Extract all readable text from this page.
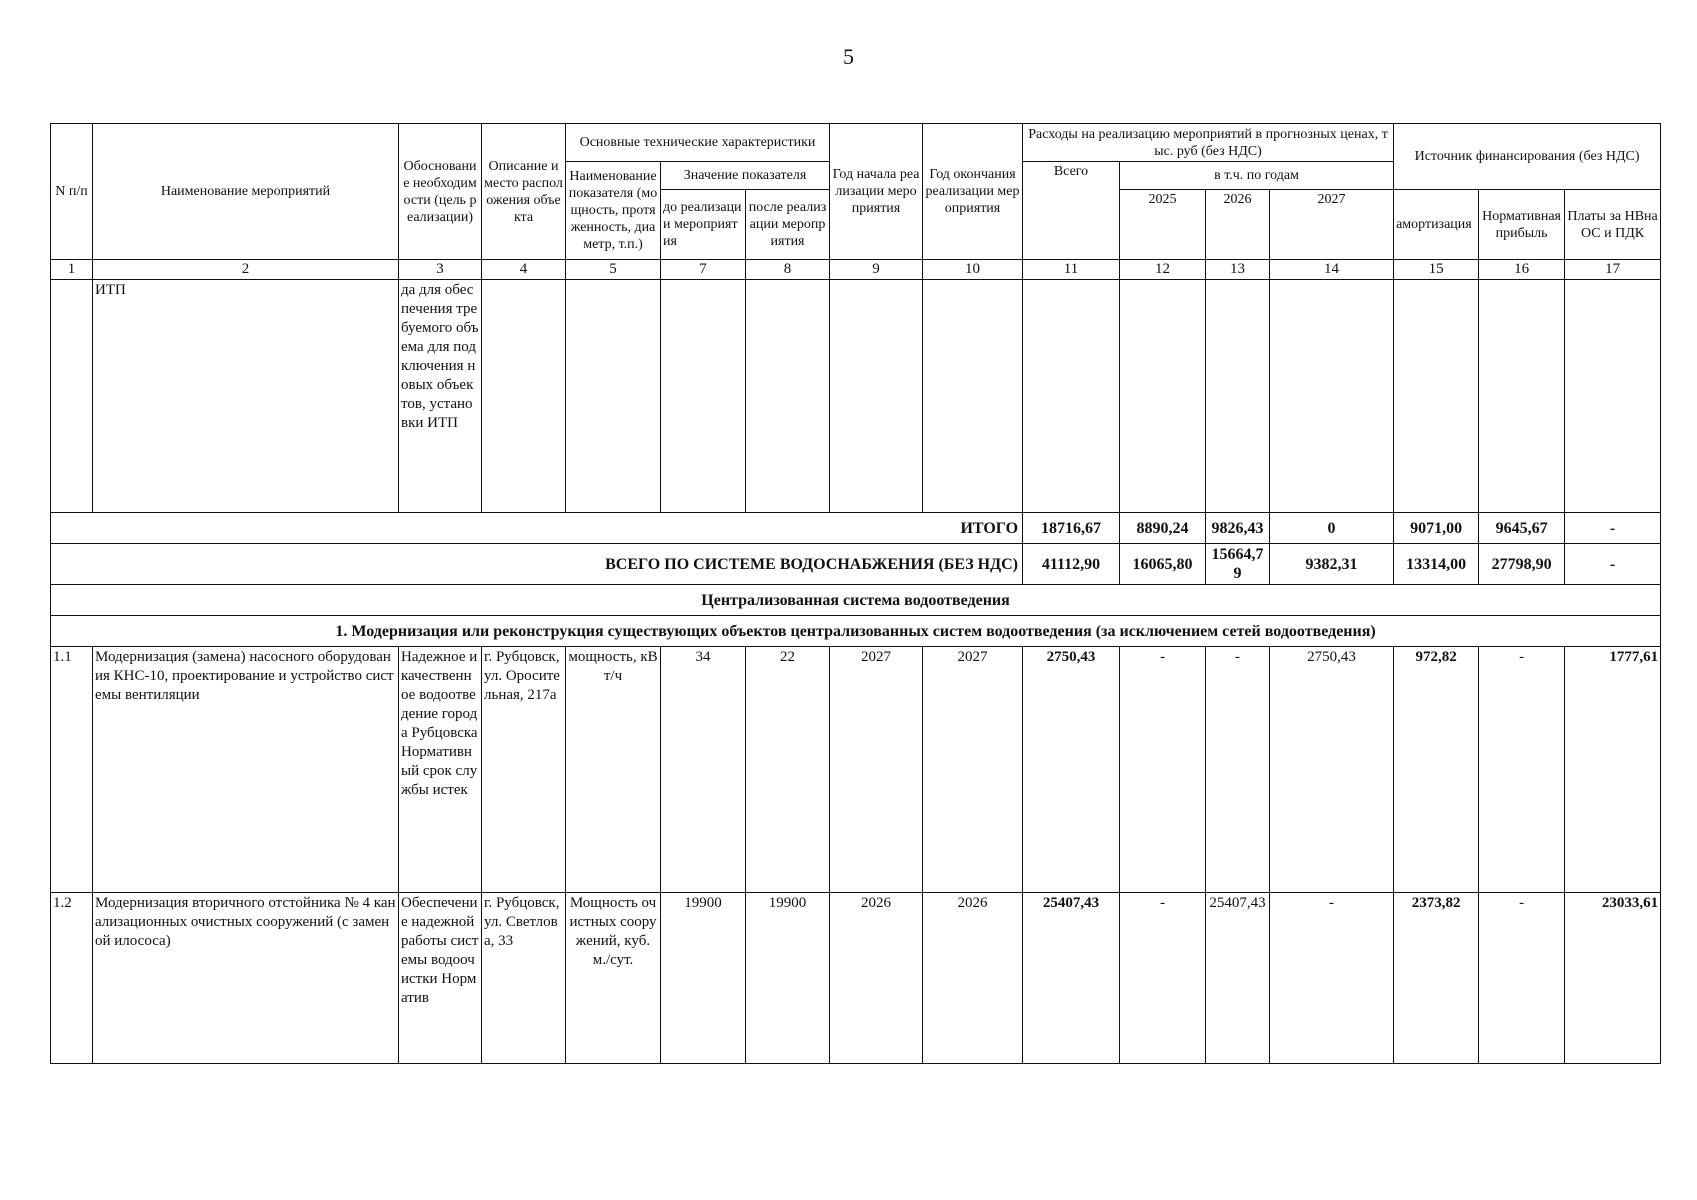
5
N п/п	Наименование мероприятий	Обоснование необходимости (цель реализации)	Описание и место расположения объекта	Основные технические характеристики			Год начала реализации мероприятия	Год окончания реализации мероприятия	Расходы на реализацию мероприятий в прогнозных ценах, тыс. руб (без НДС)				Источник финансирования (без НДС)		
				Наименование показателя (мощность, протяженность, диаметр, т.п.)	Значение показателя				Всего	в т.ч. по годам					
					до реализации мероприятия	после реализации мероприятия				2025	2026	2027	амортизация	Нормативная прибыль	Платы за НВнаОС и ПДК

1	2	3	4	5	7	8	9	10	11	12	13	14	15	16	17
	ИТП	да для обеспечения требуемого объема для подключения новых объектов, установки ИТП													
ИТОГО									18716,67	8890,24	9826,43	0	9071,00	9645,67	-
ВСЕГО ПО СИСТЕМЕ ВОДОСНАБЖЕНИЯ (БЕЗ НДС)									41112,90	16065,80	15664,79	9382,31	13314,00	27798,90	-
Централизованная система водоотведения															
1. Модернизация или реконструкция существующих объектов централизованных систем водоотведения (за исключением сетей водоотведения)															
1.1	Модернизация (замена) насосного оборудования КНС-10, проектирование и устройство системы вентиляции	Надежное и качественное водоотведение города Рубцовска Нормативный срок службы истек	г. Рубцовск, ул. Оросительная, 217а	мощность, кВт/ч	34	22	2027	2027	2750,43	-	-	2750,43	972,82	-	1777,61
1.2	Модернизация вторичного отстойника № 4 канализационных очистных сооружений (с заменой илососа)	Обеспечение надежной работы системы водоочистки Норматив	г. Рубцовск, ул. Светлова, 33	Мощность очистных сооружений, куб.м./сут.	19900	19900	2026	2026	25407,43	-	25407,43	-	2373,82	-	23033,61
